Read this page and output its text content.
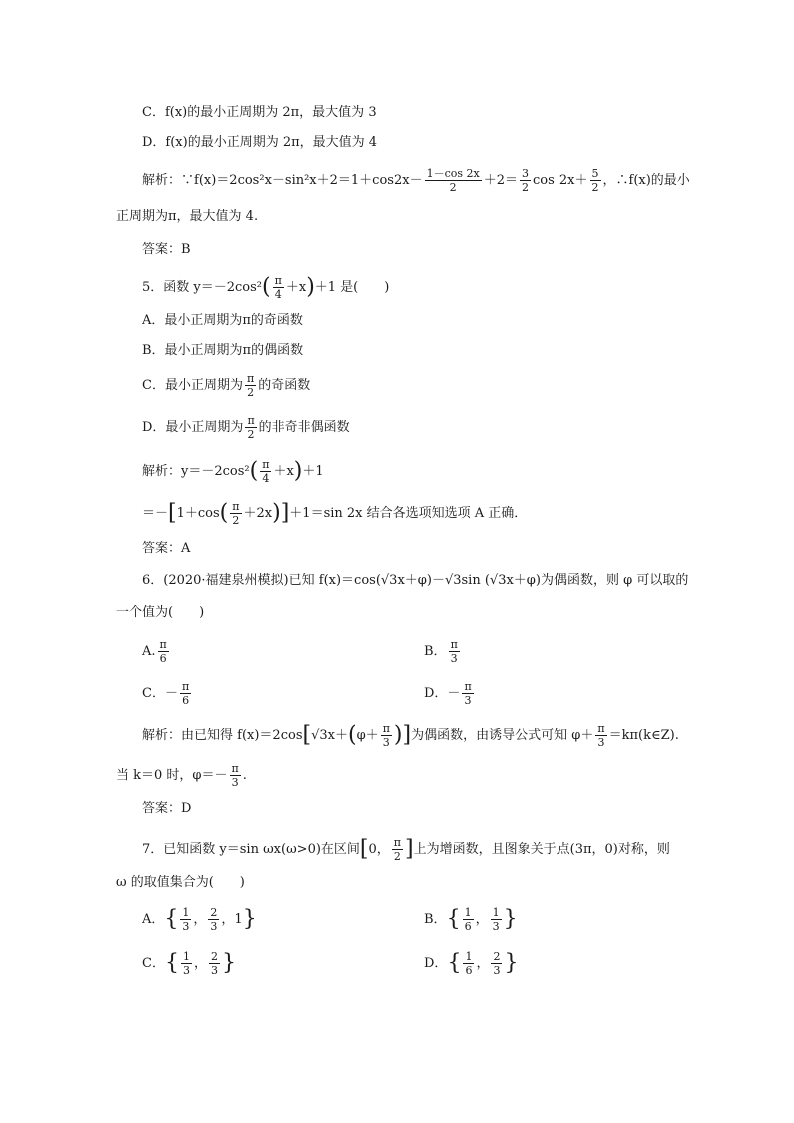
C．f(x)的最小正周期为 2π，最大值为 3
D．f(x)的最小正周期为 2π，最大值为 4
解析：∵f(x)＝2cos²x－sin²x＋2＝1＋cos2x－ $\frac{1-\cos 2x}{2} +2= \frac{3}{2}$ $\cos 2x+ \frac{5}{2}$ ，∴f(x)的最小
正周期为π，最大值为 4.
答案：B
5．函数 $y=-2\cos^2( \frac{\pi}{4} +x)+1$ 是(　　)
A．最小正周期为π的奇函数
B．最小正周期为π的偶函数
C．最小正周期为 $\frac{\pi}{2}$ 的奇函数
D．最小正周期为 $\frac{\pi}{2}$ 的非奇非偶函数
解析：$y=-2\cos^2( \frac{\pi}{4} +x)+1$
$=-[1+\cos( \frac{\pi}{2} +2x)]+1=\sin$ 2x 结合各选项知选项 A 正确．
答案：A
6．(2020·福建泉州模拟)已知 f(x)＝cos(√3x＋φ)－√3sin (√3x＋φ)为偶函数，则 φ 可以取的
一个值为(　　)
A. $\frac{\pi}{6}$	B． $\frac{\pi}{3}$
C．－ $\frac{\pi}{6}$	D．－ $\frac{\pi}{3}$
解析：由已知得 $f(x)=2\cos[√3x+(\varphi+ \frac{\pi}{3}$ )]为偶函数，由诱导公式可知 $\varphi+ \frac{\pi}{3}$ ＝kπ(k∈Z).
当 k＝0 时，$\varphi=- \frac{\pi}{3}$ .
答案：D
7．已知函数 y＝sin ωx(ω>0)在区间[0， $\frac{\pi}{2}$ ]上为增函数，且图象关于点(3π，0)对称，则
ω 的取值集合为(　　)
A．{ $\frac{1}{3}$ ， $\frac{2}{3}$ ，1}	B．{ $\frac{1}{6}$ ， $\frac{1}{3}$ }
C．{ $\frac{1}{3}$ ， $\frac{2}{3}$ }	D．{ $\frac{1}{6}$ ， $\frac{2}{3}$ }
